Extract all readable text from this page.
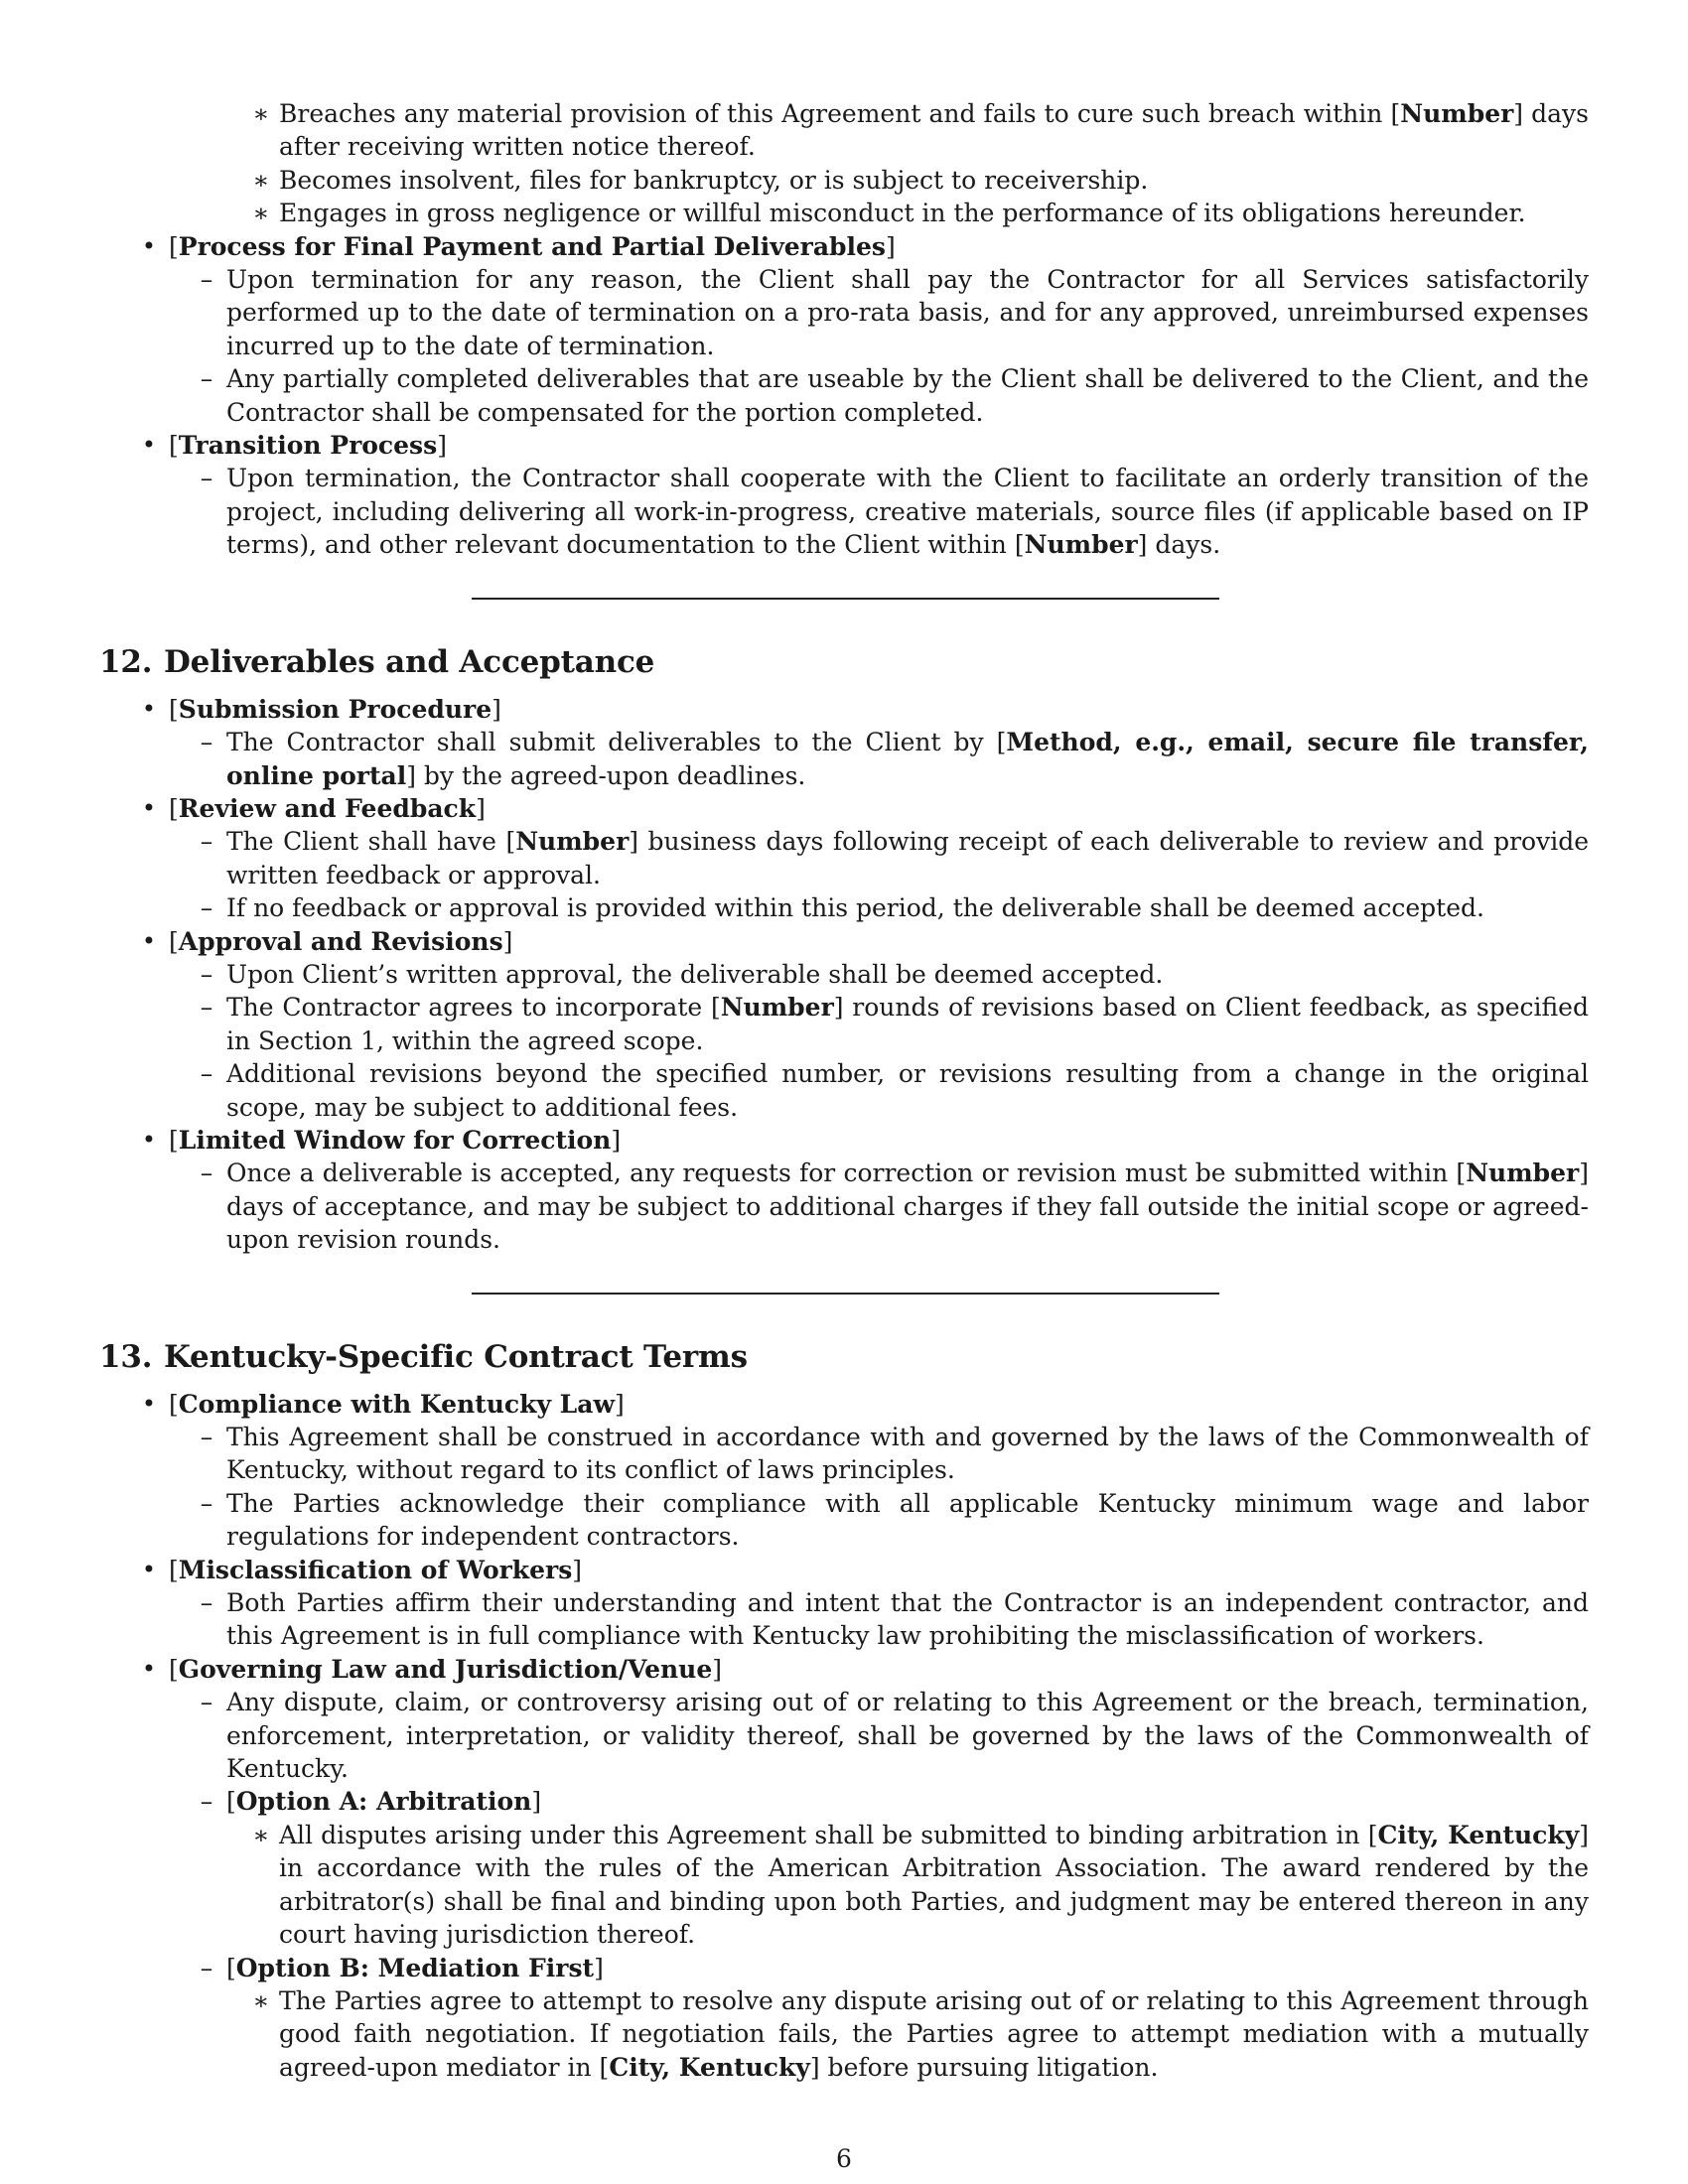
∗ Breaches any material provision of this Agreement and fails to cure such breach within [Number] days after receiving written notice thereof.
∗ Becomes insolvent, files for bankruptcy, or is subject to receivership.
∗ Engages in gross negligence or willful misconduct in the performance of its obligations hereunder.
• [Process for Final Payment and Partial Deliverables]
– Upon termination for any reason, the Client shall pay the Contractor for all Services satisfactorily performed up to the date of termination on a pro-rata basis, and for any approved, unreimbursed expenses incurred up to the date of termination.
– Any partially completed deliverables that are useable by the Client shall be delivered to the Client, and the Contractor shall be compensated for the portion completed.
• [Transition Process]
– Upon termination, the Contractor shall cooperate with the Client to facilitate an orderly transition of the project, including delivering all work-in-progress, creative materials, source files (if applicable based on IP terms), and other relevant documentation to the Client within [Number] days.
12. Deliverables and Acceptance
• [Submission Procedure]
– The Contractor shall submit deliverables to the Client by [Method, e.g., email, secure file transfer, online portal] by the agreed-upon deadlines.
• [Review and Feedback]
– The Client shall have [Number] business days following receipt of each deliverable to review and provide written feedback or approval.
– If no feedback or approval is provided within this period, the deliverable shall be deemed accepted.
• [Approval and Revisions]
– Upon Client’s written approval, the deliverable shall be deemed accepted.
– The Contractor agrees to incorporate [Number] rounds of revisions based on Client feedback, as specified in Section 1, within the agreed scope.
– Additional revisions beyond the specified number, or revisions resulting from a change in the original scope, may be subject to additional fees.
• [Limited Window for Correction]
– Once a deliverable is accepted, any requests for correction or revision must be submitted within [Number] days of acceptance, and may be subject to additional charges if they fall outside the initial scope or agreed-upon revision rounds.
13. Kentucky-Specific Contract Terms
• [Compliance with Kentucky Law]
– This Agreement shall be construed in accordance with and governed by the laws of the Commonwealth of Kentucky, without regard to its conflict of laws principles.
– The Parties acknowledge their compliance with all applicable Kentucky minimum wage and labor regulations for independent contractors.
• [Misclassification of Workers]
– Both Parties affirm their understanding and intent that the Contractor is an independent contractor, and this Agreement is in full compliance with Kentucky law prohibiting the misclassification of workers.
• [Governing Law and Jurisdiction/Venue]
– Any dispute, claim, or controversy arising out of or relating to this Agreement or the breach, termination, enforcement, interpretation, or validity thereof, shall be governed by the laws of the Commonwealth of Kentucky.
– [Option A: Arbitration]
∗ All disputes arising under this Agreement shall be submitted to binding arbitration in [City, Kentucky] in accordance with the rules of the American Arbitration Association. The award rendered by the arbitrator(s) shall be final and binding upon both Parties, and judgment may be entered thereon in any court having jurisdiction thereof.
– [Option B: Mediation First]
∗ The Parties agree to attempt to resolve any dispute arising out of or relating to this Agreement through good faith negotiation. If negotiation fails, the Parties agree to attempt mediation with a mutually agreed-upon mediator in [City, Kentucky] before pursuing litigation.
6
